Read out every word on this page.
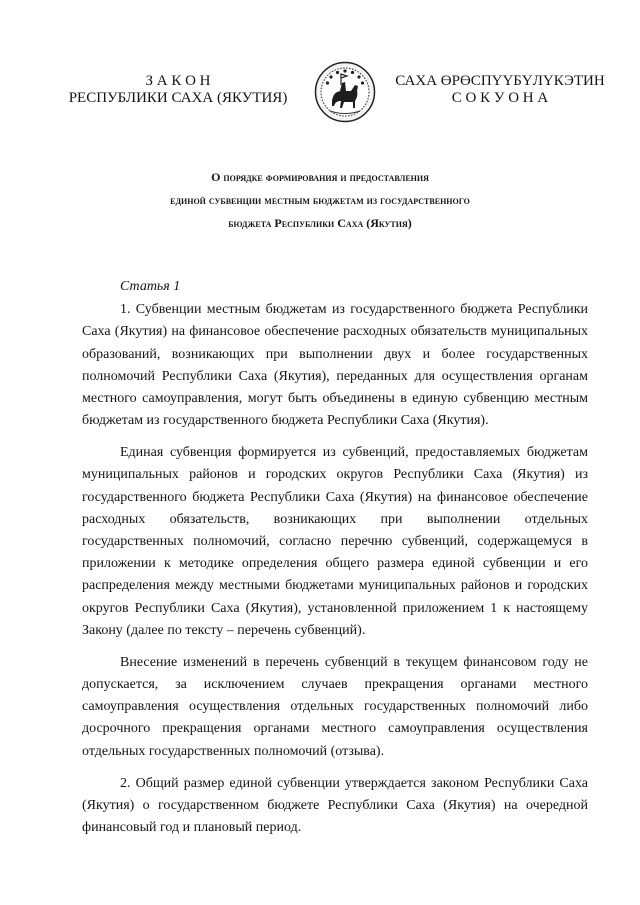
З А К О Н
РЕСПУБЛИКИ САХА (ЯКУТИЯ)
САХА ӨРӨСПҮҮБҮЛҮКЭТИН
С О К У О Н А
О порядке формирования и предоставления
единой субвенции местным бюджетам из государственного
бюджета Республики Саха (Якутия)
Статья 1

1. Субвенции местным бюджетам из государственного бюджета Республики Саха (Якутия) на финансовое обеспечение расходных обязательств муниципальных образований, возникающих при выполнении двух и более государственных полномочий Республики Саха (Якутия), переданных для осуществления органам местного самоуправления, могут быть объединены в единую субвенцию местным бюджетам из государственного бюджета Республики Саха (Якутия).

Единая субвенция формируется из субвенций, предоставляемых бюджетам муниципальных районов и городских округов Республики Саха (Якутия) из государственного бюджета Республики Саха (Якутия) на финансовое обеспечение расходных обязательств, возникающих при выполнении отдельных государственных полномочий, согласно перечню субвенций, содержащемуся в приложении к методике определения общего размера единой субвенции и его распределения между местными бюджетами муниципальных районов и городских округов Республики Саха (Якутия), установленной приложением 1 к настоящему Закону (далее по тексту – перечень субвенций).

Внесение изменений в перечень субвенций в текущем финансовом году не допускается, за исключением случаев прекращения органами местного самоуправления осуществления отдельных государственных полномочий либо досрочного прекращения органами местного самоуправления осуществления отдельных государственных полномочий (отзыва).

2. Общий размер единой субвенции утверждается законом Республики Саха (Якутия) о государственном бюджете Республики Саха (Якутия) на очередной финансовый год и плановый период.
